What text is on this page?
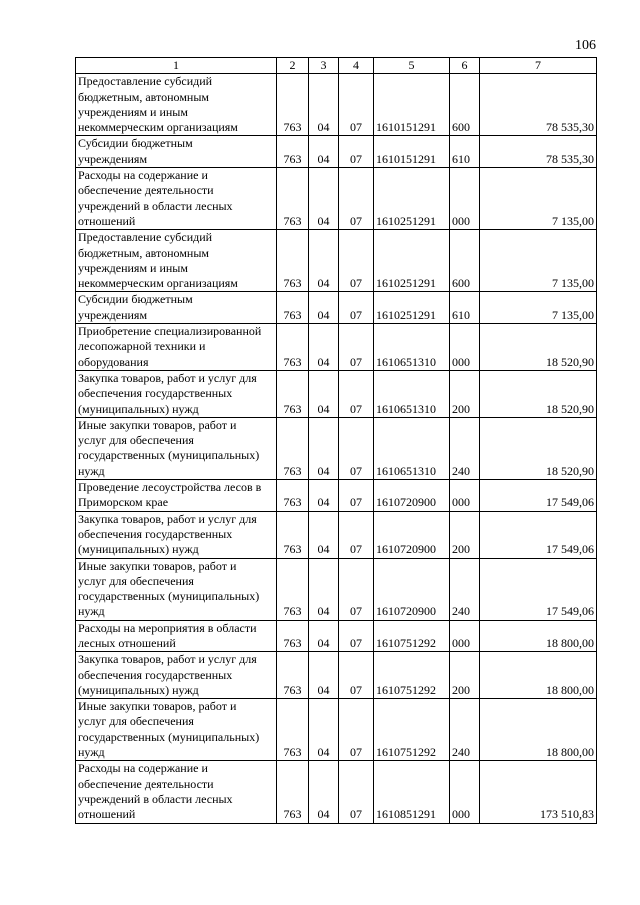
106
1	2	3	4	5	6	7

Предоставление субсидий
бюджетным, автономным
учреждениям и иным
некоммерческим организациям	763	04	07	1610151291	600	78 535,30

Субсидии бюджетным
учреждениям	763	04	07	1610151291	610	78 535,30

Расходы на содержание и
обеспечение деятельности
учреждений в области лесных
отношений	763	04	07	1610251291	000	7 135,00

Предоставление субсидий
бюджетным, автономным
учреждениям и иным
некоммерческим организациям	763	04	07	1610251291	600	7 135,00

Субсидии бюджетным
учреждениям	763	04	07	1610251291	610	7 135,00

Приобретение специализированной
лесопожарной техники и
оборудования	763	04	07	1610651310	000	18 520,90

Закупка товаров, работ и услуг для
обеспечения государственных
(муниципальных) нужд	763	04	07	1610651310	200	18 520,90

Иные закупки товаров, работ и
услуг для обеспечения
государственных (муниципальных)
нужд	763	04	07	1610651310	240	18 520,90

Проведение лесоустройства лесов в
Приморском крае	763	04	07	1610720900	000	17 549,06

Закупка товаров, работ и услуг для
обеспечения государственных
(муниципальных) нужд	763	04	07	1610720900	200	17 549,06

Иные закупки товаров, работ и
услуг для обеспечения
государственных (муниципальных)
нужд	763	04	07	1610720900	240	17 549,06

Расходы на мероприятия в области
лесных отношений	763	04	07	1610751292	000	18 800,00

Закупка товаров, работ и услуг для
обеспечения государственных
(муниципальных) нужд	763	04	07	1610751292	200	18 800,00

Иные закупки товаров, работ и
услуг для обеспечения
государственных (муниципальных)
нужд	763	04	07	1610751292	240	18 800,00

Расходы на содержание и
обеспечение деятельности
учреждений в области лесных
отношений	763	04	07	1610851291	000	173 510,83
